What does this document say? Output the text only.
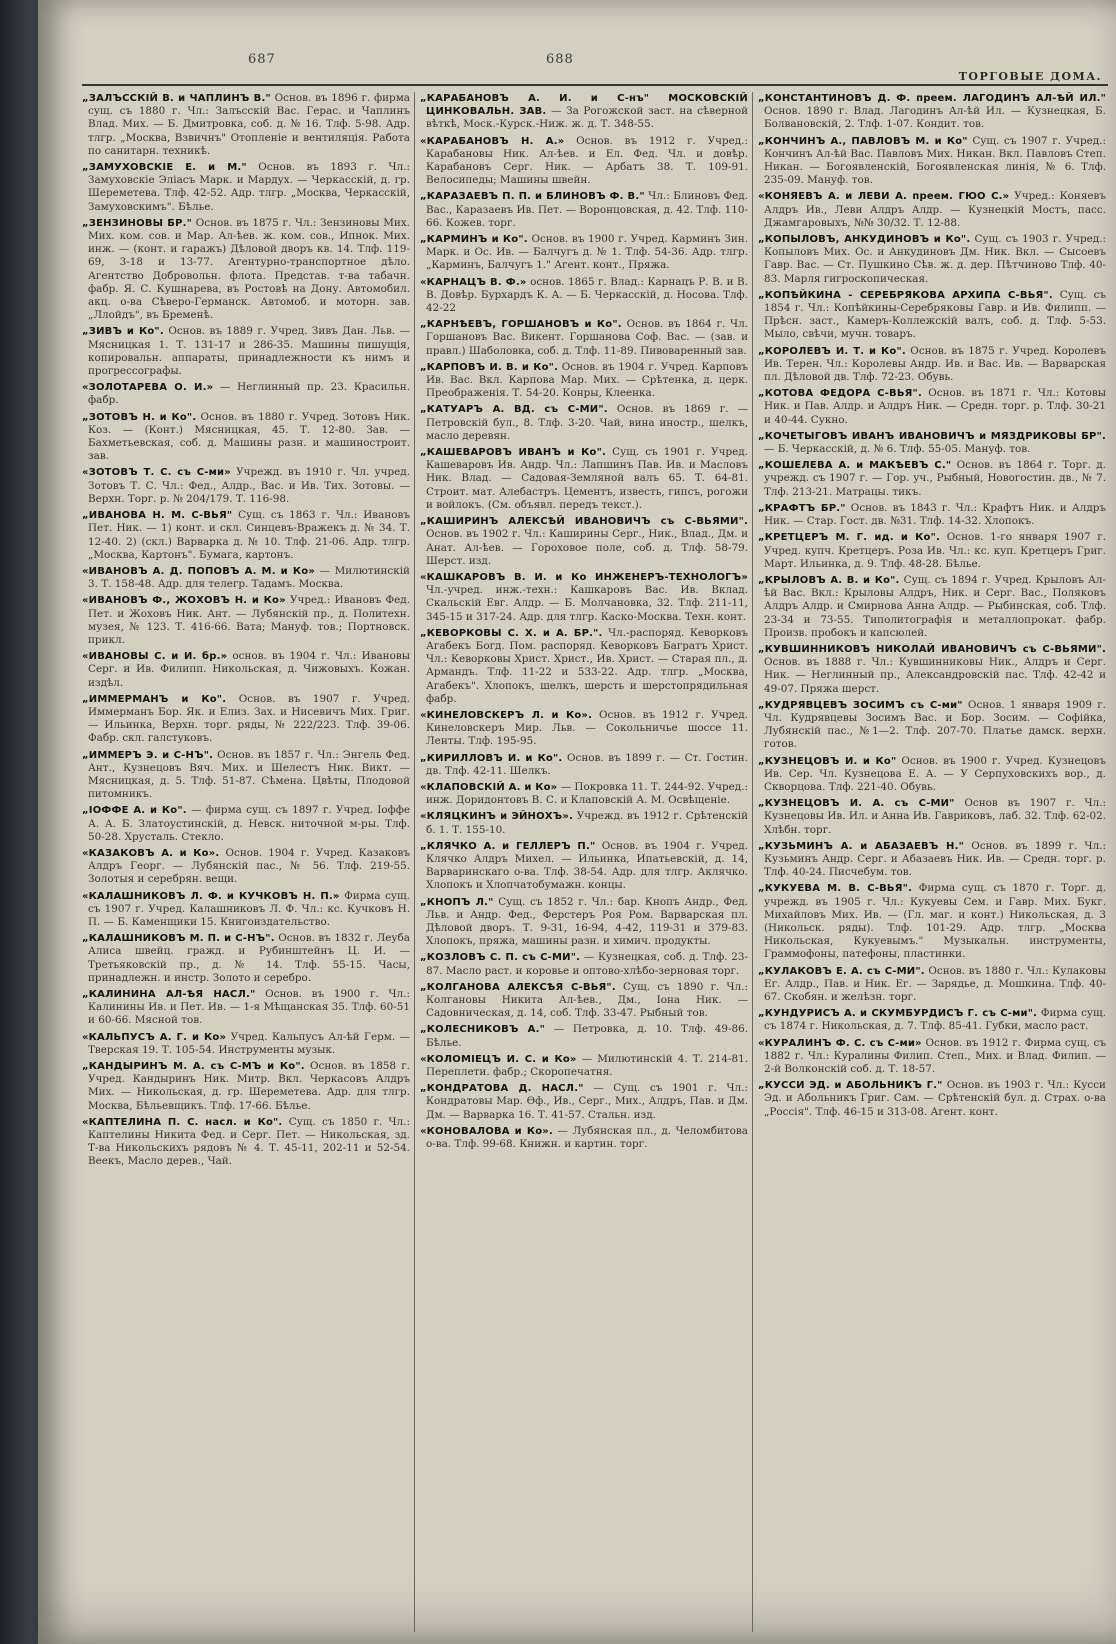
687	688
ТОРГОВЫЕ ДОМА.

„ЗАЛЪССКІЙ В. и ЧАПЛИНЪ В." Основ. въ 1896 г. фирма сущ. съ 1880 г. Чл.: Залъсскій Вас. Герас. и Чаплинъ Влад. Мих. — Б. Дмитровка, соб. д. № 16. Тлф. 5-98. Адр. тлгр. „Москва, Взвичнъ" Отопленіе и вентиляція. Работа по санитарн. техникѣ.

„ЗАМУХОВСКІЕ Е. и М." Основ. въ 1893 г. Чл.: Замуховскіе Эліасъ Марк. и Мардух. — Черкасскій, д. гр. Шереметева. Тлф. 42-52. Адр. тлгр. „Москва, Черкасскій, Замуховскимъ". Бѣлье.

„ЗЕНЗИНОВЫ БР." Основ. въ 1875 г. Чл.: Зензиновы Мих. Мих. ком. сов. и Мар. Ал-ѣев. ж. ком. сов., Ипнок. Мих. инж. — (конт. и гаражъ) Дѣловой дворъ кв. 14. Тлф. 119-69, 3-18 и 13-77. Агентурно-транспортное дѣло. Агентство Добровольн. флота. Представ. т-ва табачн. фабр. Я. С. Кушнарева, въ Ростовѣ на Дону. Автомобил. акц. о-ва Сѣверо-Германск. Автомоб. и моторн. зав. „Ллойдъ", въ Бременѣ.

„ЗИВЪ и Ко". Основ. въ 1889 г. Учред. Зивъ Дан. Льв. — Мясницкая 1. Т. 131-17 и 286-35. Машины пишущія, копировальн. аппараты, принадлежности къ нимъ и прогрессографы.

«ЗОЛОТАРЕВА О. И.» — Неглинный пр. 23. Красильн. фабр.

„ЗОТОВЪ Н. и Ко". Основ. въ 1880 г. Учред. Зотовъ Ник. Коз. — (Конт.) Мясницкая, 45. Т. 12-80. Зав. — Бахметьевская, соб. д. Машины разн. и машиностроит. зав.

«ЗОТОВЪ Т. С. съ С-ми» Учрежд. въ 1910 г. Чл. учред. Зотовъ Т. С. Чл.: Фед., Алдр., Вас. и Ив. Тих. Зотовы. — Верхн. Торг. р. № 204/179. Т. 116-98.

„ИВАНОВА Н. М. С-ВЬЯ" Сущ. съ 1863 г. Чл.: Ивановъ Пет. Ник. — 1) конт. и скл. Синцевъ-Вражекъ д. № 34. Т. 12-40. 2) (скл.) Варварка д. № 10. Тлф. 21-06. Адр. тлгр. „Москва, Картонъ". Бумага, картонъ.

«ИВАНОВЪ А. Д. ПОПОВЪ А. М. и Ко» — Милютинскій 3. Т. 158-48. Адр. для телегр. Тадамъ. Москва.

«ИВАНОВЪ Ф., ЖОХОВЪ Н. и Ко» Учред.: Ивановъ Фед. Пет. и Жоховъ Ник. Ант. — Лубянскій пр., д. Политехн. музея, № 123. Т. 416-66. Вата; Мануф. тов.; Портновск. прикл.

«ИВАНОВЫ С. и И. бр.» основ. въ 1904 г. Чл.: Ивановы Серг. и Ив. Филипп. Никольская, д. Чижовыхъ. Кожан. издѣл.

„ИММЕРМАНЪ и Ко". Основ. въ 1907 г. Учред. Иммерманъ Бор. Як. и Елиз. Зах. и Нисевичъ Мих. Григ. — Ильинка, Верхн. торг. ряды, № 222/223. Тлф. 39-06. Фабр. скл. галстуковъ.

„ИММЕРЪ Э. и С-НЪ". Основ. въ 1857 г. Чл.: Энгель Фед. Ант., Кузнецовъ Вяч. Мих. и Шелестъ Ник. Викт. — Мясницкая, д. 5. Тлф. 51-87. Сѣмена. Цвѣты, Плодовой питомникъ.

„ІОФФЕ А. и Ко". — фирма сущ. съ 1897 г. Учред. Іоффе А. А. Б. Златоустинскій, д. Невск. ниточной м-ры. Тлф. 50-28. Хрусталь. Стекло.

«КАЗАКОВЪ А. и Ко». Основ. 1904 г. Учред. Казаковъ Алдръ Георг. — Лубянскій пас., № 56. Тлф. 219-55. Золотыя и серебрян. вещи.

«КАЛАШНИКОВЪ Л. Ф. и КУЧКОВЪ Н. П.» Фирма сущ. съ 1907 г. Учред. Калашниковъ Л. Ф. Чл.: кс. Кучковъ Н. П. — Б. Каменщики 15. Книгоиздательство.

„КАЛАШНИКОВЪ М. П. и С-НЪ". Основ. въ 1832 г. Леуба Алиса швейц. гражд. и Рубинштейнъ Ц. И. — Третьяковскій пр., д. № 14. Тлф. 55-15. Часы, принадлежн. и инстр. Золото и серебро.

„КАЛИНИНА АЛ-ѢЯ НАСЛ." Основ. въ 1900 г. Чл.: Калинины Ив. и Пет. Ив. — 1-я Мѣщанская 35. Тлф. 60-51 и 60-66. Мясной тов.

«КАЛЬПУСЪ А. Г. и Ко» Учред. Кальпусъ Ал-ѣй Герм. — Тверская 19. Т. 105-54. Инструменты музык.

„КАНДЫРИНЪ М. А. съ С-МЪ и Ко". Основ. въ 1858 г. Учред. Кандыринъ Ник. Митр. Вкл. Черкасовъ Алдръ Мих. — Никольская, д. гр. Шереметева. Адр. для тлгр. Москва, Бѣльевщикъ. Тлф. 17-66. Бѣлье.

«КАПТЕЛИНА П. С. насл. и Ко". Сущ. съ 1850 г. Чл.: Каптелины Никита Фед. и Серг. Пет. — Никольская, зд. Т-ва Никольскихъ рядовъ № 4. Т. 45-11, 202-11 и 52-54. Веекъ, Масло дерев., Чай.

„КАРАБАНОВЪ А. И. и С-нъ" МОСКОВСКІЙ ЦИНКОВАЛЬН. ЗАВ. — За Рогожской заст. на сѣверной вѣткѣ, Моск.-Курск.-Ниж. ж. д. Т. 348-55.

«КАРАБАНОВЪ Н. А.» Основ. въ 1912 г. Учред.: Карабановы Ник. Ал-ѣев. и Ел. Фед. Чл. и довѣр. Карабановъ Серг. Ник. — Арбатъ 38. Т. 109-91. Велосипеды; Машины швейн.

„КАРАЗАЕВЪ П. П. и БЛИНОВЪ Ф. В." Чл.: Блиновъ Фед. Вас., Каразаевъ Ив. Пет. — Воронцовская, д. 42. Тлф. 110-66. Кожев. торг.

„КАРМИНЪ и Ко". Основ. въ 1900 г. Учред. Карминъ Зин. Марк. и Ос. Ив. — Балчугъ д. № 1. Тлф. 54-36. Адр. тлгр. „Карминъ, Балчугъ 1." Агент. конт., Пряжа.

«КАРНАЦЪ В. Ф.» основ. 1865 г. Влад.: Карнацъ Р. В. и В. В. Довѣр. Бурхардъ К. А. — Б. Черкасскій, д. Носова. Тлф. 42-22

„КАРНѢЕВЪ, ГОРШАНОВЪ и Ко". Основ. въ 1864 г. Чл. Горшановъ Вас. Викент. Горшанова Соф. Вас. — (зав. и правл.) Шаболовка, соб. д. Тлф. 11-89. Пивоваренный зав.

„КАРПОВЪ И. В. и Ко". Основ. въ 1904 г. Учред. Карповъ Ив. Вас. Вкл. Карпова Мар. Мих. — Срѣтенка, д. церк. Преображенія. Т. 54-20. Конры, Клеенка.

„КАТУАРЪ А. ВД. съ С-МИ". Основ. въ 1869 г. — Петровскій бул., 8. Тлф. 3-20. Чай, вина иностр., шелкъ, масло деревян.

„КАШЕВАРОВЪ ИВАНЪ и Ко". Сущ. съ 1901 г. Учред. Кашеваровъ Ив. Андр. Чл.: Лапшинъ Пав. Ив. и Масловъ Ник. Влад. — Садовая-Земляной валъ 65. Т. 64-81. Строит. мат. Алебастръ. Цементъ, известь, гипсъ, рогожи и войлокъ. (См. объявл. передъ текст.).

„КАШИРИНЪ АЛЕКСѢЙ ИВАНОВИЧЪ съ С-ВЬЯМИ". Основ. въ 1902 г. Чл.: Каширины Серг., Ник., Влад., Дм. и Анат. Ал-ѣев. — Гороховое поле, соб. д. Тлф. 58-79. Шерст. изд.

«КАШКАРОВЪ В. И. и Ко ИНЖЕНЕРЪ-ТЕХНОЛОГЪ» Чл.-учред. инж.-техн.: Кашкаровъ Вас. Ив. Вклад. Скальскій Евг. Алдр. — Б. Молчановка, 32. Тлф. 211-11, 345-15 и 317-24. Адр. для тлгр. Каско-Москва. Техн. конт.

„КЕВОРКОВЫ С. Х. и А. БР.". Чл.-распоряд. Кеворковъ Агабекъ Богд. Пом. распоряд. Кеворковъ Багратъ Христ. Чл.: Кеворковы Христ. Христ., Ив. Христ. — Старая пл., д. Армандъ. Тлф. 11-22 и 533-22. Адр. тлгр. „Москва, Агабекъ". Хлопокъ, шелкъ, шерсть и шерстопрядильная фабр.

«КИНЕЛОВСКЕРЪ Л. и Ко». Основ. въ 1912 г. Учред. Кинеловскеръ Мир. Льв. — Сокольничье шоссе 11. Ленты. Тлф. 195-95.

„КИРИЛЛОВЪ И. и Ко". Основ. въ 1899 г. — Ст. Гостин. дв. Тлф. 42-11. Шелкъ.

«КЛАПОВСКІЙ А. и Ко» — Покровка 11. Т. 244-92. Учред.: инж. Доридонтовъ В. С. и Клаповскій А. М. Освѣщеніе.

«КЛЯЦКИНЪ и ЭЙНОХЪ». Учрежд. въ 1912 г. Срѣтенскій б. 1. Т. 155-10.

„КЛЯЧКО А. и ГЕЛЛЕРЪ П." Основ. въ 1904 г. Учред. Клячко Алдръ Михел. — Ильинка, Ипатьевскій, д. 14, Варваринскаго о-ва. Тлф. 38-54. Адр. для тлгр. Аклячко. Хлопокъ и Хлопчатобумажн. концы.

„КНОПЪ Л." Сущ. съ 1852 г. Чл.: бар. Кнопъ Андр., Фед. Льв. и Андр. Фед., Ферстеръ Роя Ром. Варварская пл. Дѣловой дворъ. Т. 9-31, 16-94, 4-42, 119-31 и 379-83. Хлопокъ, пряжа, машины разн. и химич. продукты.

„КОЗЛОВЪ С. П. съ С-МИ". — Кузнецкая, соб. д. Тлф. 23-87. Масло раст. и коровье и оптово-хлѣбо-зерновая торг.

„КОЛГАНОВА АЛЕКСѢЯ С-ВЬЯ". Сущ. съ 1890 г. Чл.: Колгановы Никита Ал-ѣев., Дм., Іона Ник. — Садовническая, д. 14, соб. Тлф. 33-47. Рыбный тов.

„КОЛЕСНИКОВЪ А." — Петровка, д. 10. Тлф. 49-86. Бѣлье.

«КОЛОМІЕЦЪ И. С. и Ко» — Милютинскій 4. Т. 214-81. Переплети. фабр.; Скоропечатня.

„КОНДРАТОВА Д. НАСЛ." — Сущ. съ 1901 г. Чл.: Кондратовы Мар. Ѳф., Ив., Серг., Мих., Алдръ, Пав. и Дм. Дм. — Варварка 16. Т. 41-57. Стальн. изд.

«КОНОВАЛОВА и Ко». — Лубянская пл., д. Челомбитова о-ва. Тлф. 99-68. Книжн. и картин. торг.

„КОНСТАНТИНОВЪ Д. Ф. преем. ЛАГОДИНЪ АЛ-ѢЙ ИЛ." Основ. 1890 г. Влад. Лагодинъ Ал-ѣй Ил. — Кузнецкая, Б. Болвановскій, 2. Тлф. 1-07. Кондит. тов.

„КОНЧИНЪ А., ПАВЛОВЪ М. и Ко" Сущ. съ 1907 г. Учред.: Кончинъ Ал-ѣй Вас. Павловъ Мих. Никан. Вкл. Павловъ Степ. Никан. — Богоявленскій, Богоявленская линія, № 6. Тлф. 235-09. Мануф. тов.

«КОНЯЕВЪ А. и ЛЕВИ А. преем. ГЮО С.» Учред.: Коняевъ Алдръ Ив., Леви Алдръ Алдр. — Кузнецкій Мостъ, пасс. Джамгаровыхъ, №№ 30/32. Т. 12-88.

„КОПЫЛОВЪ, АНКУДИНОВЪ и Ко". Сущ. съ 1903 г. Учред.: Копыловъ Мих. Ос. и Анкудиновъ Дм. Ник. Вкл. — Сысоевъ Гавр. Вас. — Ст. Пушкино Сѣв. ж. д. дер. Пѣтчиново Тлф. 40-83. Марля гигроскопическая.

„КОПѢЙКИНА - СЕРЕБРЯКОВА АРХИПА С-ВЬЯ". Сущ. съ 1854 г. Чл.: Копѣйкины-Серебряковы Гавр. и Ив. Филипп. — Прѣсн. заст., Камеръ-Коллежскій валъ, соб. д. Тлф. 5-53. Мыло, свѣчи, мучн. товаръ.

„КОРОЛЕВЪ И. Т. и Ко". Основ. въ 1875 г. Учред. Королевъ Ив. Терен. Чл.: Королевы Андр. Ив. и Вас. Ив. — Варварская пл. Дѣловой дв. Тлф. 72-23. Обувь.

„КОТОВА ФЕДОРА С-ВЬЯ". Основ. въ 1871 г. Чл.: Котовы Ник. и Пав. Алдр. и Алдръ Ник. — Средн. торг. р. Тлф. 30-21 и 40-44. Сукно.

„КОЧЕТЫГОВЪ ИВАНЪ ИВАНОВИЧЪ и МЯЗДРИКОВЫ БР". — Б. Черкасскій, д. № 6. Тлф. 55-05. Мануф. тов.

„КОШЕЛЕВА А. и МАКѢЕВЪ С." Основ. въ 1864 г. Торг. д. учрежд. съ 1907 г. — Гор. уч., Рыбный, Новогостин. дв., № 7. Тлф. 213-21. Матрацы. тикъ.

„КРАФТЪ БР." Основ. въ 1843 г. Чл.: Крафтъ Ник. и Алдръ Ник. — Стар. Гост. дв. №31. Тлф. 14-32. Хлопокъ.

„КРЕТЦЕРЪ М. Г. ид. и Ко". Основ. 1-го января 1907 г. Учред. купч. Кретцеръ. Роза Ив. Чл.: кс. куп. Кретцеръ Григ. Март. Ильинка, д. 9. Тлф. 48-28. Бѣлье.

„КРЫЛОВЪ А. В. и Ко". Сущ. съ 1894 г. Учред. Крыловъ Ал-ѣй Вас. Вкл.: Крыловы Алдръ, Ник. и Серг. Вас., Поляковъ Алдръ Алдр. и Смирнова Анна Алдр. — Рыбинская, соб. Тлф. 23-34 и 73-55. Типолитографія и металлопрокат. фабр. Произв. пробокъ и капсюлей.

„КУВШИННИКОВЪ НИКОЛАЙ ИВАНОВИЧЪ съ С-ВЬЯМИ". Основ. въ 1888 г. Чл.: Кувшинниковы Ник., Алдръ и Серг. Ник. — Неглинный пр., Александровскій пас. Тлф. 42-42 и 49-07. Пряжа шерст.

„КУДРЯВЦЕВЪ ЗОСИМЪ съ С-ми" Основ. 1 января 1909 г. Чл. Кудрявцевы Зосимъ Вас. и Бор. Зосим. — Софійка, Лубянскій пас., №1—2. Тлф. 207-70. Платье дамск. верхн. готов.

„КУЗНЕЦОВЪ И. и Ко" Основ. въ 1900 г. Учред. Кузнецовъ Ив. Сер. Чл. Кузнецова Е. А. — У Серпуховскихъ вор., д. Скворцова. Тлф. 221-40. Обувь.

„КУЗНЕЦОВЪ И. А. съ С-МИ" Основ въ 1907 г. Чл.: Кузнецовы Ив. Ил. и Анна Ив. Гавриковъ, лаб. 32. Тлф. 62-02. Хлѣбн. торг.

„КУЗЬМИНЪ А. и АБАЗАЕВЪ Н." Основ. въ 1899 г. Чл.: Кузьминъ Андр. Серг. и Абазаевъ Ник. Ив. — Средн. торг. р. Тлф. 40-24. Писчебум. тов.

„КУКУЕВА М. В. С-ВЬЯ". Фирма сущ. съ 1870 г. Торг. д. учрежд. въ 1905 г. Чл.: Кукуевы Сем. и Гавр. Мих. Букг. Михайловъ Мих. Ив. — (Гл. маг. и конт.) Никольская, д. 3 (Никольск. ряды). Тлф. 101-29. Адр. тлгр. „Москва Никольская, Кукуевымъ." Музыкальн. инструменты, Граммофоны, патефоны, пластинки.

„КУЛАКОВЪ Е. А. съ С-МИ". Основ. въ 1880 г. Чл.: Кулаковы Ег. Алдр., Пав. и Ник. Ег. — Зарядье, д. Мошкина. Тлф. 40-67. Скобян. и желѣзн. торг.

„КУНДУРИСЪ А. и СКУМБУРДИСЪ Г. съ С-ми". Фирма сущ. съ 1874 г. Никольская, д. 7. Тлф. 85-41. Губки, масло раст.

«КУРАЛИНЪ Ф. С. съ С-ми» Основ. въ 1912 г. Фирма сущ. съ 1882 г. Чл.: Куралины Филип. Степ., Мих. и Влад. Филип. — 2-й Волконскій соб. д. Т. 18-57.

„КУССИ ЭД. и АБОЛЬНИКЪ Г." Основ. въ 1903 г. Чл.: Кусси Эд. и Абольникъ Григ. Сам. — Срѣтенскій бул. д. Страх. о-ва „Россія". Тлф. 46-15 и 313-08. Агент. конт.
